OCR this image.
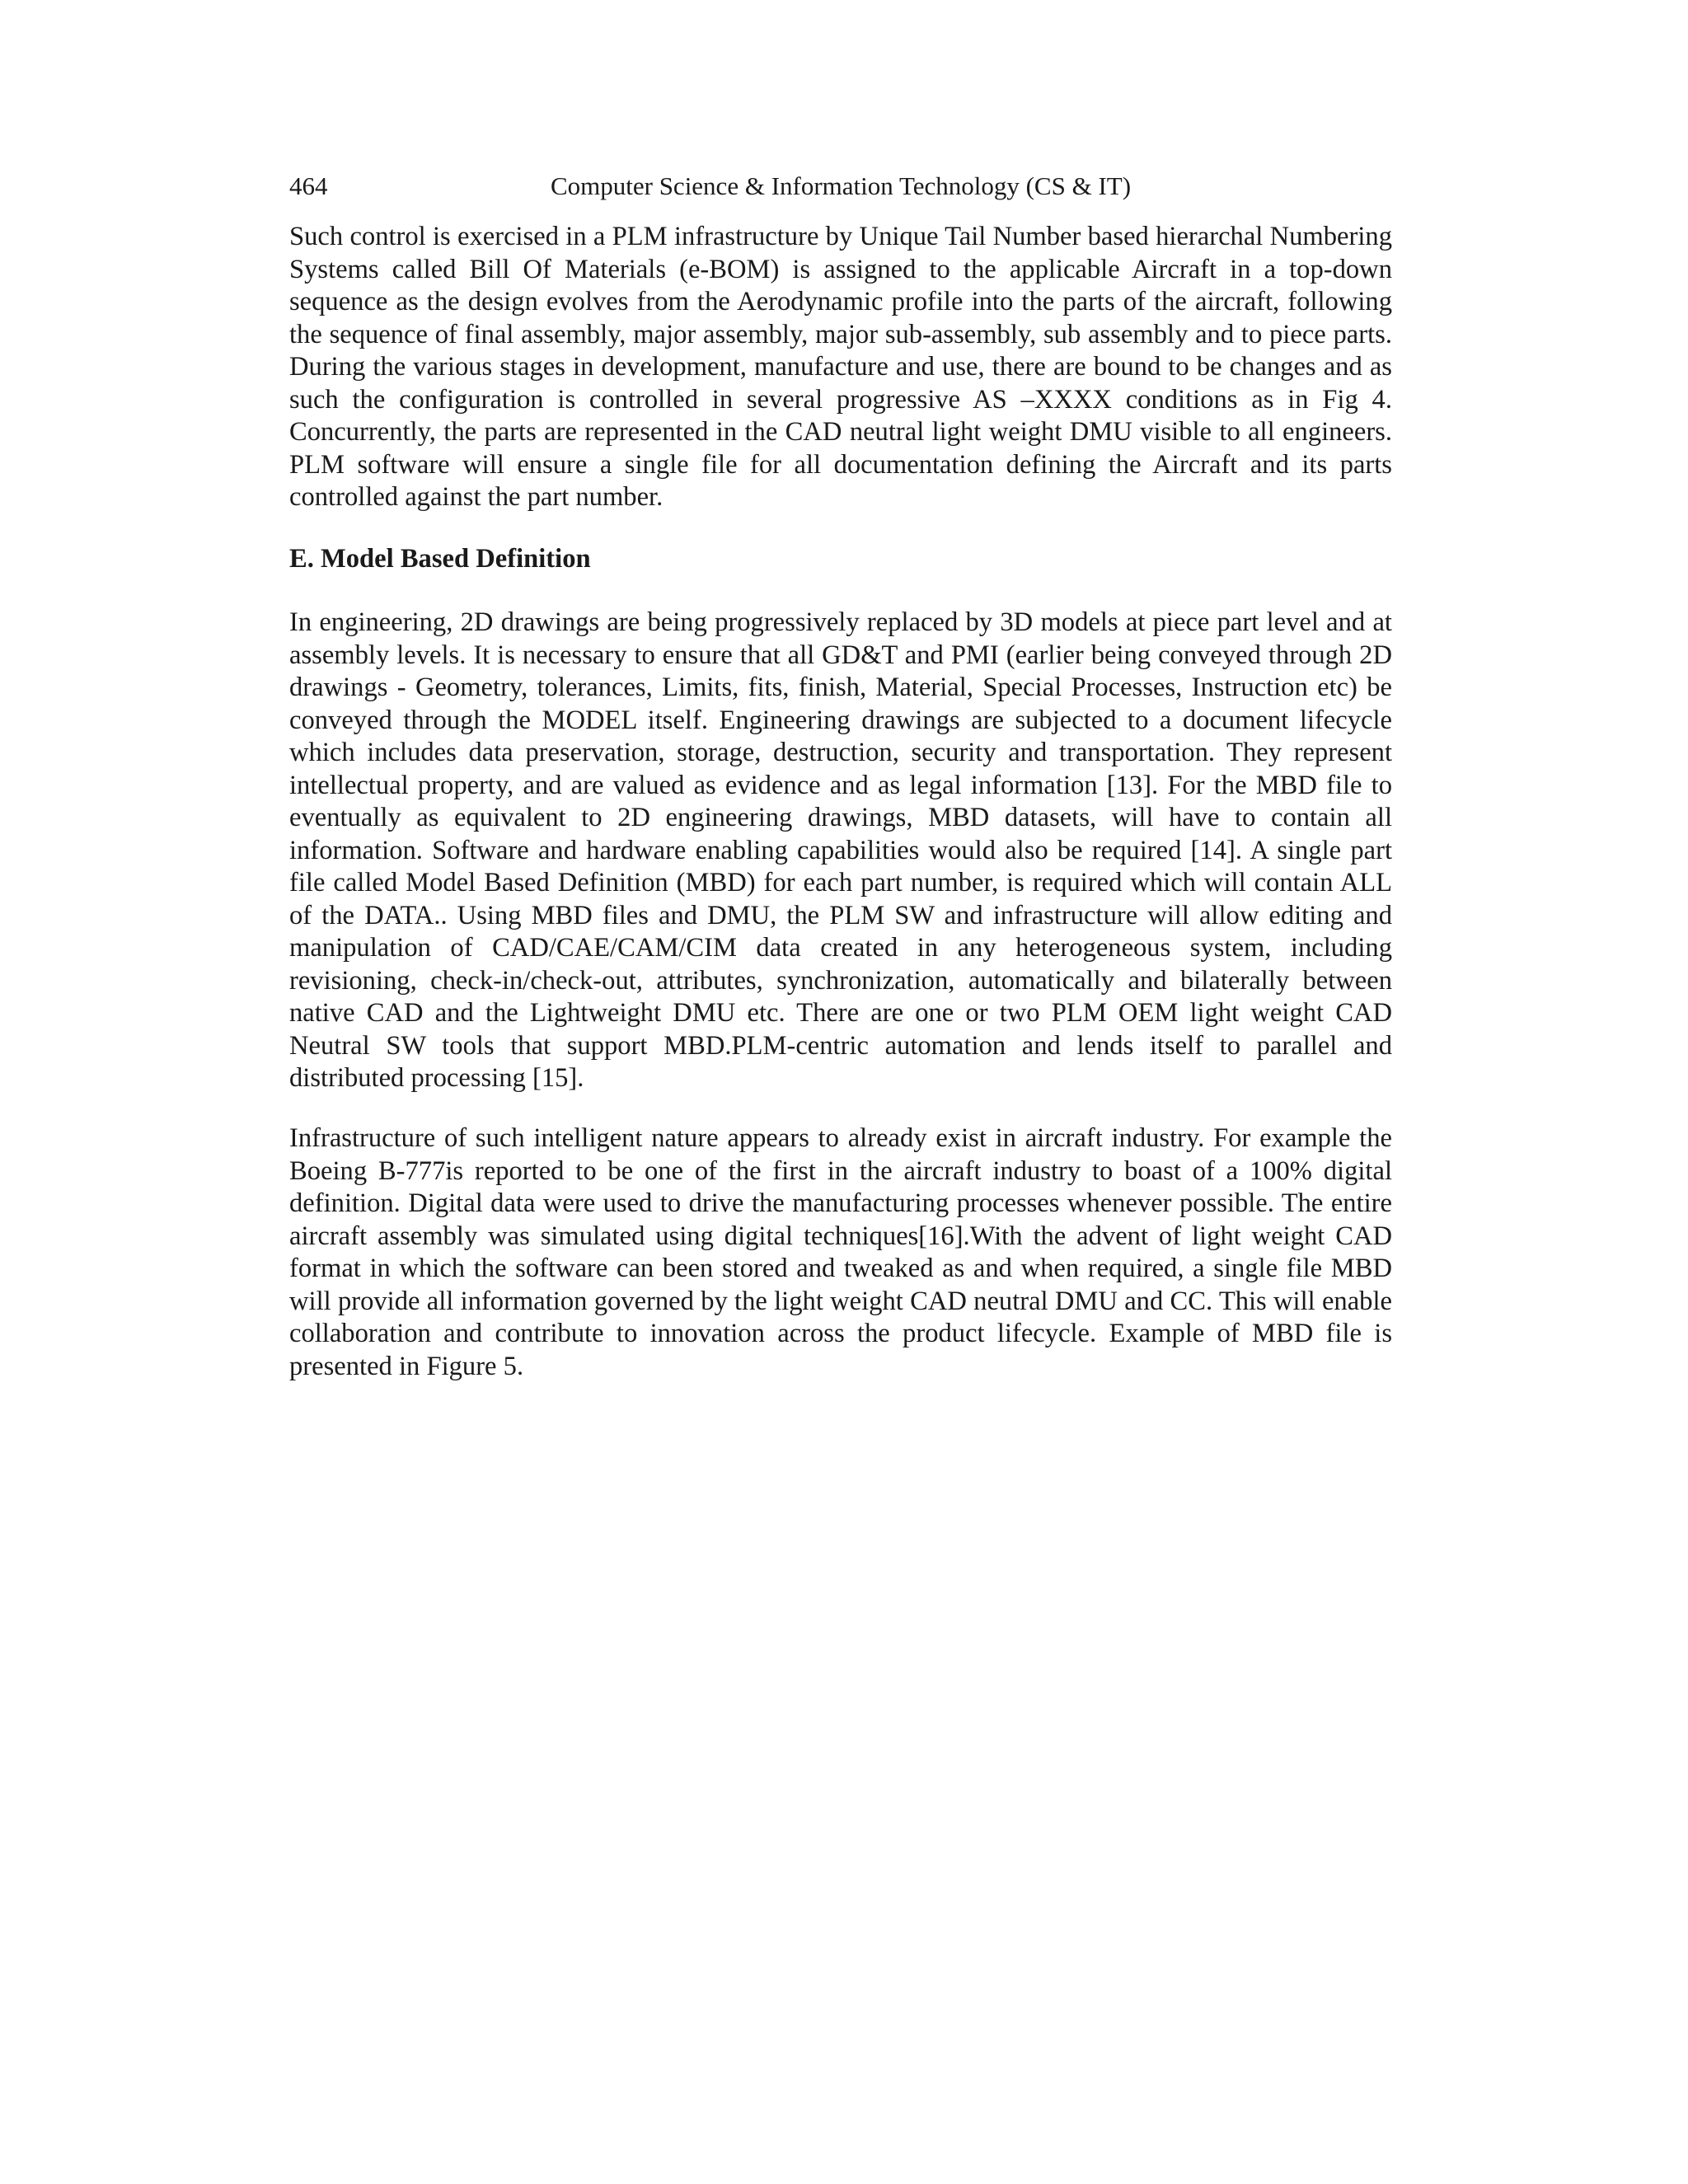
464	Computer Science & Information Technology (CS & IT)

Such control is exercised in a PLM infrastructure by Unique Tail Number based hierarchal Numbering Systems called Bill Of Materials (e-BOM) is assigned to the applicable Aircraft in a top-down sequence as the design evolves from the Aerodynamic profile into the parts of the aircraft, following the sequence of final assembly, major assembly, major sub-assembly, sub assembly and to piece parts. During the various stages in development, manufacture and use, there are bound to be changes and as such the configuration is controlled in several progressive AS –XXXX conditions as in Fig 4. Concurrently, the parts are represented in the CAD neutral light weight DMU visible to all engineers. PLM software will ensure a single file for all documentation defining the Aircraft and its parts controlled against the part number.

E. Model Based Definition

In engineering, 2D drawings are being progressively replaced by 3D models at piece part level and at assembly levels. It is necessary to ensure that all GD&T and PMI (earlier being conveyed through 2D drawings - Geometry, tolerances, Limits, fits, finish, Material, Special Processes, Instruction etc) be conveyed through the MODEL itself. Engineering drawings are subjected to a document lifecycle which includes data preservation, storage, destruction, security and transportation. They represent intellectual property, and are valued as evidence and as legal information [13]. For the MBD file to eventually as equivalent to 2D engineering drawings, MBD datasets, will have to contain all information. Software and hardware enabling capabilities would also be required [14]. A single part file called Model Based Definition (MBD) for each part number, is required which will contain ALL of the DATA.. Using MBD files and DMU, the PLM SW and infrastructure will allow editing and manipulation of CAD/CAE/CAM/CIM data created in any heterogeneous system, including revisioning, check-in/check-out, attributes, synchronization, automatically and bilaterally between native CAD and the Lightweight DMU etc. There are one or two PLM OEM light weight CAD Neutral SW tools that support MBD.PLM-centric automation and lends itself to parallel and distributed processing [15].

Infrastructure of such intelligent nature appears to already exist in aircraft industry. For example the Boeing B-777is reported to be one of the first in the aircraft industry to boast of a 100% digital definition. Digital data were used to drive the manufacturing processes whenever possible. The entire aircraft assembly was simulated using digital techniques[16].With the advent of light weight CAD format in which the software can been stored and tweaked as and when required, a single file MBD will provide all information governed by the light weight CAD neutral DMU and CC. This will enable collaboration and contribute to innovation across the product lifecycle. Example of MBD file is presented in Figure 5.
